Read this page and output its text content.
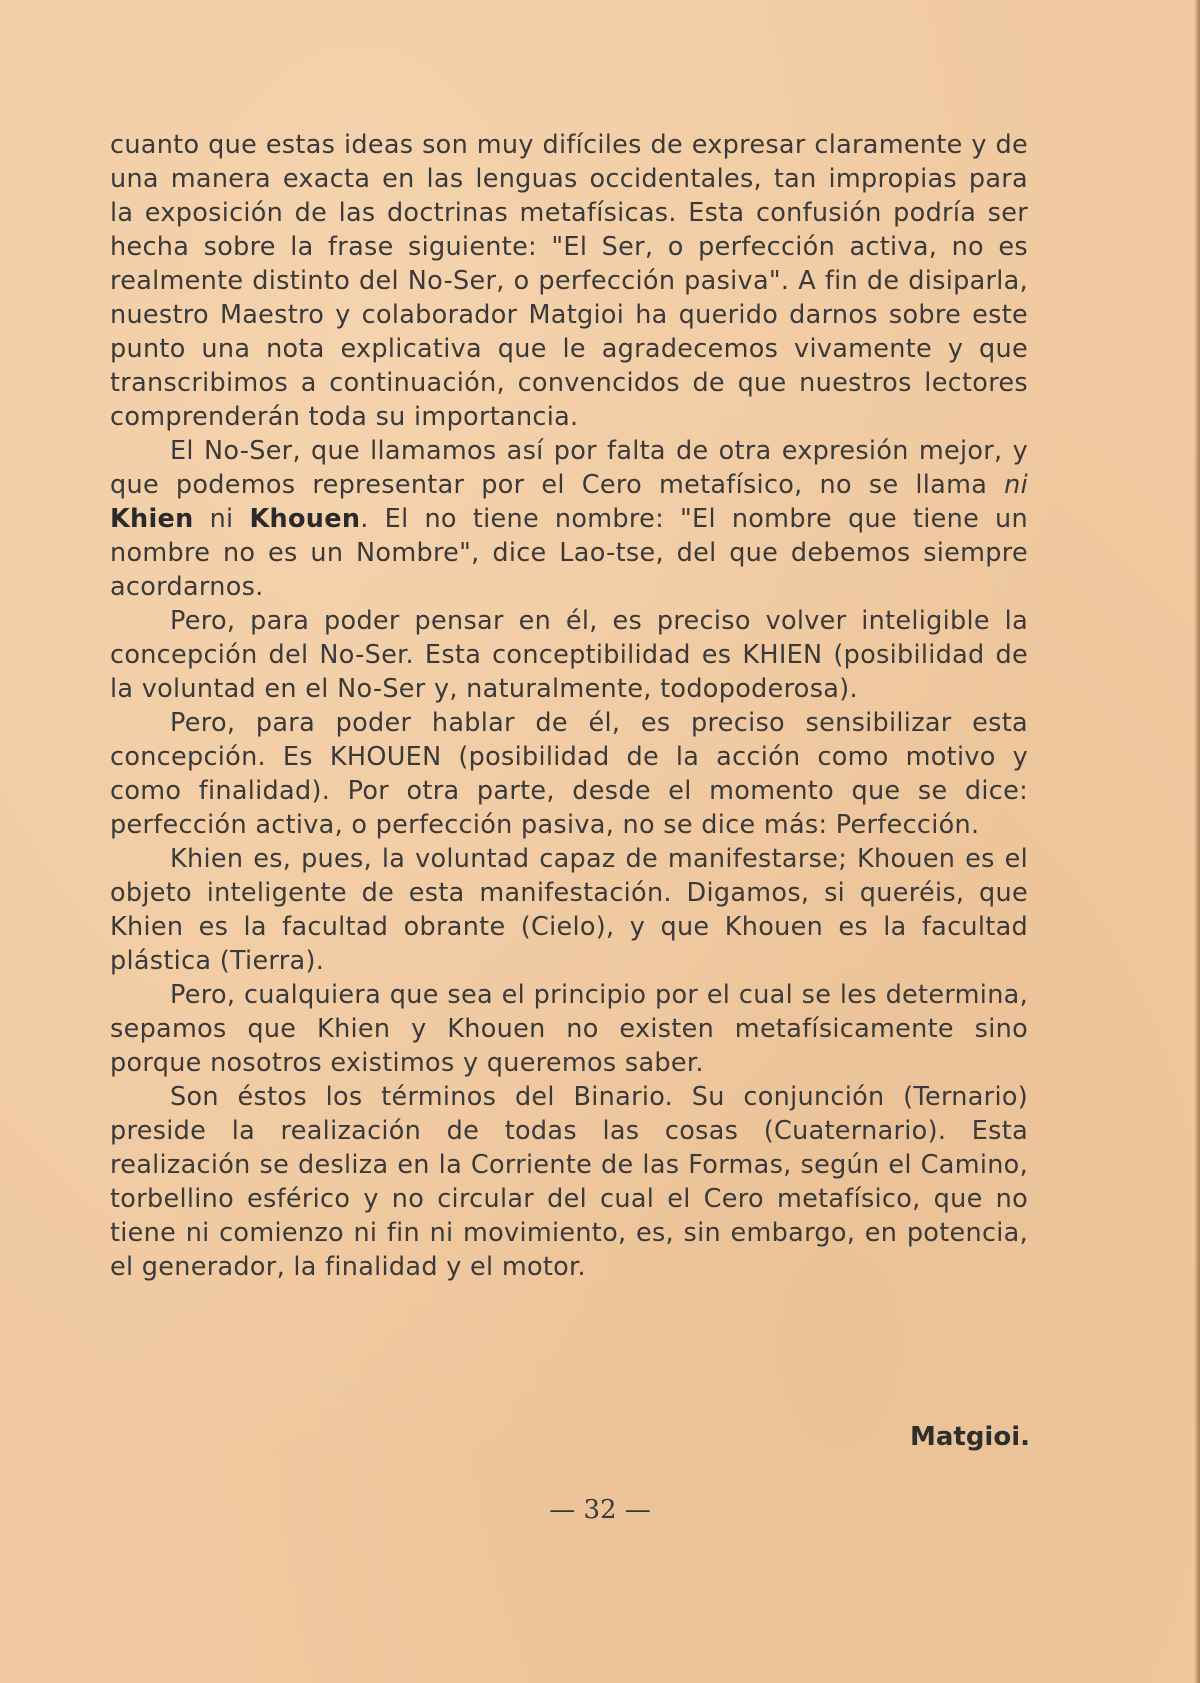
cuanto que estas ideas son muy difíciles de expresar claramente y de una manera exacta en las lenguas occidentales, tan impropias para la exposición de las doctrinas metafísicas. Esta confusión podría ser hecha sobre la frase siguiente: "El Ser, o perfección activa, no es realmente distinto del No-Ser, o perfección pasiva". A fin de disiparla, nuestro Maestro y colaborador Matgioi ha querido darnos sobre este punto una nota explicativa que le agradecemos vivamente y que transcribimos a continuación, convencidos de que nuestros lectores comprenderán toda su importancia.

El No-Ser, que llamamos así por falta de otra expresión mejor, y que podemos representar por el Cero metafísico, no se llama ni Khien ni Khouen. El no tiene nombre: "El nombre que tiene un nombre no es un Nombre", dice Lao-tse, del que debemos siempre acordarnos.

Pero, para poder pensar en él, es preciso volver inteligible la concepción del No-Ser. Esta conceptibilidad es KHIEN (posibilidad de la voluntad en el No-Ser y, naturalmente, todopoderosa).

Pero, para poder hablar de él, es preciso sensibilizar esta concepción. Es KHOUEN (posibilidad de la acción como motivo y como finalidad). Por otra parte, desde el momento que se dice: perfección activa, o perfección pasiva, no se dice más: Perfección.

Khien es, pues, la voluntad capaz de manifestarse; Khouen es el objeto inteligente de esta manifestación. Digamos, si queréis, que Khien es la facultad obrante (Cielo), y que Khouen es la facultad plástica (Tierra).

Pero, cualquiera que sea el principio por el cual se les determina, sepamos que Khien y Khouen no existen metafísicamente sino porque nosotros existimos y queremos saber.

Son éstos los términos del Binario. Su conjunción (Ternario) preside la realización de todas las cosas (Cuaternario). Esta realización se desliza en la Corriente de las Formas, según el Camino, torbellino esférico y no circular del cual el Cero metafísico, que no tiene ni comienzo ni fin ni movimiento, es, sin embargo, en potencia, el generador, la finalidad y el motor.

Matgioi.
— 32 —
